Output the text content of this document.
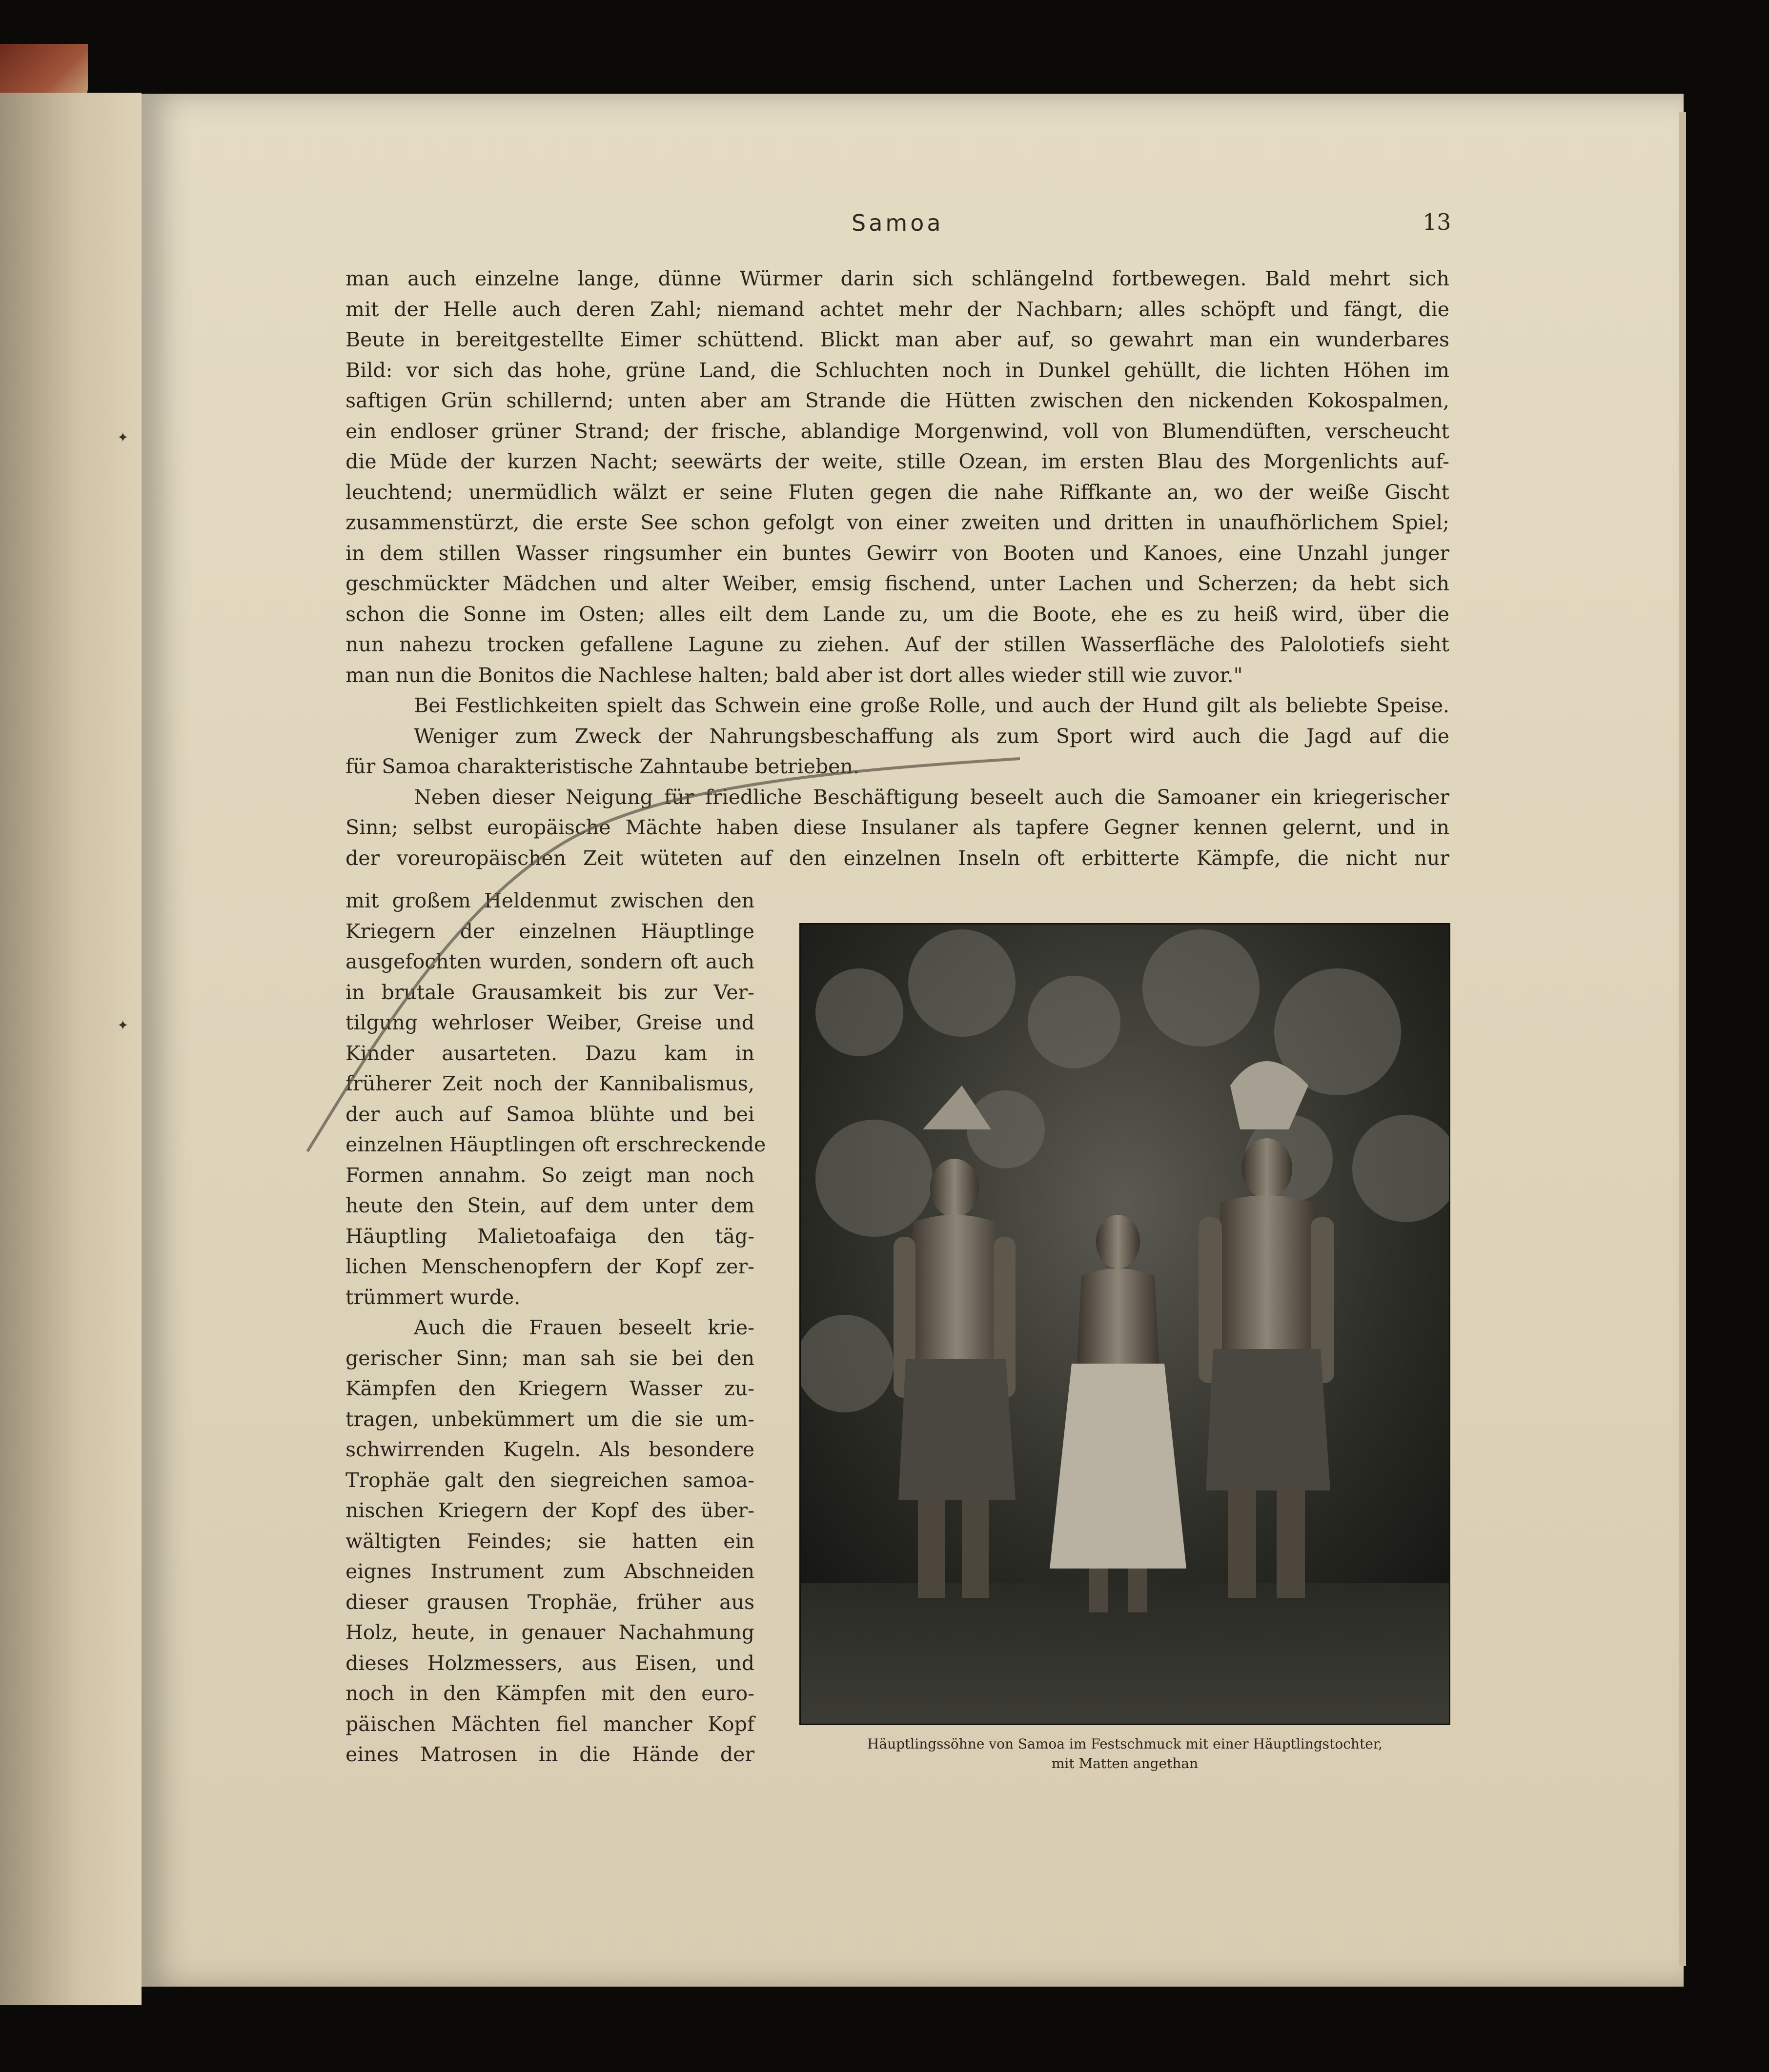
✦
✦
Samoa	13
man auch einzelne lange, dünne Würmer darin sich schlängelnd fortbewegen. Bald mehrt sich
mit der Helle auch deren Zahl; niemand achtet mehr der Nachbarn; alles schöpft und fängt, die
Beute in bereitgestellte Eimer schüttend. Blickt man aber auf, so gewahrt man ein wunderbares
Bild: vor sich das hohe, grüne Land, die Schluchten noch in Dunkel gehüllt, die lichten Höhen im
saftigen Grün schillernd; unten aber am Strande die Hütten zwischen den nickenden Kokospalmen,
ein endloser grüner Strand; der frische, ablandige Morgenwind, voll von Blumendüften, verscheucht
die Müde der kurzen Nacht; seewärts der weite, stille Ozean, im ersten Blau des Morgenlichts auf-
leuchtend; unermüdlich wälzt er seine Fluten gegen die nahe Riffkante an, wo der weiße Gischt
zusammenstürzt, die erste See schon gefolgt von einer zweiten und dritten in unaufhörlichem Spiel;
in dem stillen Wasser ringsumher ein buntes Gewirr von Booten und Kanoes, eine Unzahl junger
geschmückter Mädchen und alter Weiber, emsig fischend, unter Lachen und Scherzen; da hebt sich
schon die Sonne im Osten; alles eilt dem Lande zu, um die Boote, ehe es zu heiß wird, über die
nun nahezu trocken gefallene Lagune zu ziehen. Auf der stillen Wasserfläche des Palolotiefs sieht
man nun die Bonitos die Nachlese halten; bald aber ist dort alles wieder still wie zuvor."
Bei Festlichkeiten spielt das Schwein eine große Rolle, und auch der Hund gilt als beliebte Speise.
Weniger zum Zweck der Nahrungsbeschaffung als zum Sport wird auch die Jagd auf die
für Samoa charakteristische Zahntaube betrieben.
Neben dieser Neigung für friedliche Beschäftigung beseelt auch die Samoaner ein kriegerischer
Sinn; selbst europäische Mächte haben diese Insulaner als tapfere Gegner kennen gelernt, und in
der voreuropäischen Zeit wüteten auf den einzelnen Inseln oft erbitterte Kämpfe, die nicht nur
mit großem Heldenmut zwischen den
Kriegern der einzelnen Häuptlinge
ausgefochten wurden, sondern oft auch
in brutale Grausamkeit bis zur Ver-
tilgung wehrloser Weiber, Greise und
Kinder ausarteten. Dazu kam in
früherer Zeit noch der Kannibalismus,
der auch auf Samoa blühte und bei
einzelnen Häuptlingen oft erschreckende
Formen annahm. So zeigt man noch
heute den Stein, auf dem unter dem
Häuptling Malietoafaiga den täg-
lichen Menschenopfern der Kopf zer-
trümmert wurde.
Auch die Frauen beseelt krie-
gerischer Sinn; man sah sie bei den
Kämpfen den Kriegern Wasser zu-
tragen, unbekümmert um die sie um-
schwirrenden Kugeln. Als besondere
Trophäe galt den siegreichen samoa-
nischen Kriegern der Kopf des über-
wältigten Feindes; sie hatten ein
eignes Instrument zum Abschneiden
dieser grausen Trophäe, früher aus
Holz, heute, in genauer Nachahmung
dieses Holzmessers, aus Eisen, und
noch in den Kämpfen mit den euro-
päischen Mächten fiel mancher Kopf
eines Matrosen in die Hände der	Häuptlingssöhne von Samoa im Festschmuck mit einer Häuptlingstochter,
mit Matten angethan
